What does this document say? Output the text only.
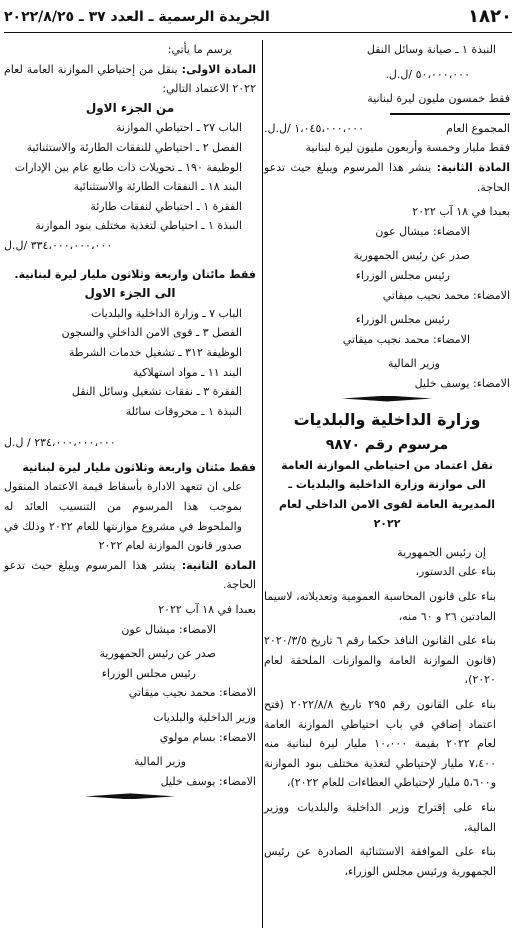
١٨٢٠
الجريدة الرسمية ـ العدد ٣٧ ـ ٢٠٢٢/٨/٢٥
النبذة ١ ـ صيانة وسائل النقل
٥٠،٠٠٠،٠٠٠ /ل.ل.
فقط خمسون مليون ليرة لبنانية
المجموع العام
١،٠٤٥،٠٠٠،٠٠٠ /ل.ل.
فقط مليار وخمسة وأربعون مليون ليرة لبنانية
المادة الثانية: ينشر هذا المرسوم ويبلغ حيث تدعو الحاجة.
بعبدا في ١٨ آب ٢٠٢٢
الامضاء: ميشال عون
صدر عن رئيس الجمهورية
رئيس مجلس الوزراء
الامضاء: محمد نجيب ميقاتي
رئيس مجلس الوزراء
الامضاء: محمد نجيب ميقاتي
وزير المالية
الامضاء: يوسف خليل
وزارة الداخلية والبلديات
مرسوم رقم ٩٨٧٠
نقل اعتماد من احتياطي الموازنة العامة
الى موازنة وزارة الداخلية والبلديات ـ
المديرية العامة لقوى الامن الداخلي لعام ٢٠٢٢
إن رئيس الجمهورية
بناء على الدستور،
بناء على قانون المحاسبة العمومية وتعديلاته، لاسيما المادتين ٢٦ و ٦٠ منه،
بناء على القانون النافذ حكما رقم ٦ تاريخ ٢٠٢٠/٣/٥ (قانون الموازنة العامة والموازنات الملحقة لعام ٢٠٢٠)،
بناء على القانون رقم ٢٩٥ تاريخ ٢٠٢٢/٨/٨ (فتح اعتماد إضافي في باب احتياطي الموازنة العامة لعام ٢٠٢٢ بقيمة ١٠،٠٠٠ مليار ليرة لبنانية منه ٧،٤٠٠ مليار لإحتياطي لتغذية مختلف بنود الموازنة و٥،٦٠٠ مليار لإحتياطي العطاءات للعام ٢٠٢٢)،
بناء على إقتراح وزير الداخلية والبلديات ووزير المالية،
بناء على الموافقة الاستثنائية الصادرة عن رئيس الجمهورية ورئيس مجلس الوزراء،
يرسم ما يأتي:
المادة الاولى: ينقل من إحتياطي الموازنة العامة لعام ٢٠٢٢ الاعتماد التالي:
من الجزء الاول
الباب ٢٧ ـ احتياطي الموازنة
الفصل ٢ ـ احتياطي للنفقات الطارئة والاستثنائية
الوظيفة ١٩٠ ـ تحويلات ذات طابع عام بين الإدارات
البند ١٨ ـ النفقات الطارئة والاستثنائية
الفقرة ١ ـ احتياطي لنفقات طارئة
النبذة ١ ـ احتياطي لتغذية مختلف بنود الموازنة
٣٣٤،٠٠٠،٠٠٠،٠٠٠ /ل.ل
فقط مائتان واربعة وثلاثون مليار ليرة لبنانية.
الى الجزء الاول
الباب ٧ ـ وزارة الداخلية والبلديات
الفصل ٣ ـ قوى الامن الداخلي والسجون
الوظيفة ٣١٢ ـ تشغيل خدمات الشرطة
البند ١١ ـ مواد استهلاكية
الفقرة ٣ ـ نفقات تشغيل وسائل النقل
النبذة ١ ـ محروقات سائلة
٢٣٤،٠٠٠،٠٠٠،٠٠٠ / ل.ل
فقط مئتان واربعة وثلاثون مليار ليرة لبنانية
على ان تتعهد الادارة بأسقاط قيمة الاعتماد المنقول بموجب هذا المرسوم من التنسيب العائد له والملحوظ في مشروع موازنتها للعام ٢٠٢٢ وذلك في صدور قانون الموازنة لعام ٢٠٢٢
المادة الثانية: ينشر هذا المرسوم ويبلغ حيث تدعو الحاجة.
بعبدا في ١٨ آب ٢٠٢٢
الامضاء: ميشال عون
صدر عن رئيس الجمهورية
رئيس مجلس الوزراء
الامضاء: محمد نجيب ميقاتي
وزير الداخلية والبلديات
الامضاء: بسام مولوي
وزير المالية
الامضاء: يوسف خليل
